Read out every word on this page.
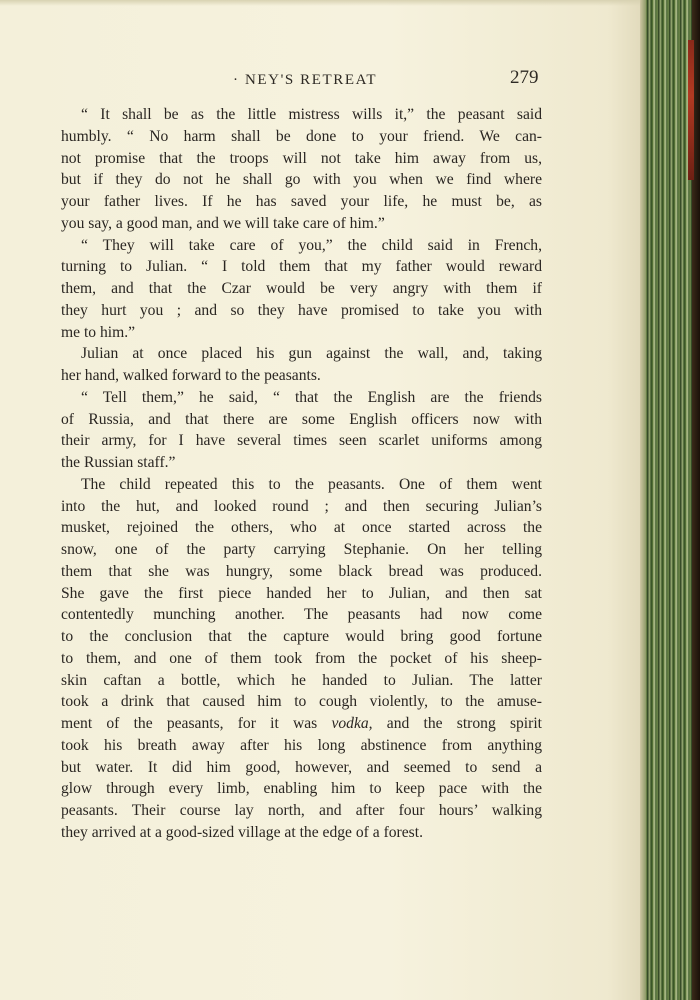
· NEY'S RETREAT	279
“ It shall be as the little mistress wills it,” the peasant said
humbly. “ No harm shall be done to your friend. We can-
not promise that the troops will not take him away from us,
but if they do not he shall go with you when we find where
your father lives. If he has saved your life, he must be, as
you say, a good man, and we will take care of him.”
“ They will take care of you,” the child said in French,
turning to Julian. “ I told them that my father would reward
them, and that the Czar would be very angry with them if
they hurt you ; and so they have promised to take you with
me to him.”
Julian at once placed his gun against the wall, and, taking
her hand, walked forward to the peasants.
“ Tell them,” he said, “ that the English are the friends
of Russia, and that there are some English officers now with
their army, for I have several times seen scarlet uniforms among
the Russian staff.”
The child repeated this to the peasants. One of them went
into the hut, and looked round ; and then securing Julian’s
musket, rejoined the others, who at once started across the
snow, one of the party carrying Stephanie. On her telling
them that she was hungry, some black bread was produced.
She gave the first piece handed her to Julian, and then sat
contentedly munching another. The peasants had now come
to the conclusion that the capture would bring good fortune
to them, and one of them took from the pocket of his sheep-
skin caftan a bottle, which he handed to Julian. The latter
took a drink that caused him to cough violently, to the amuse-
ment of the peasants, for it was vodka, and the strong spirit
took his breath away after his long abstinence from anything
but water. It did him good, however, and seemed to send a
glow through every limb, enabling him to keep pace with the
peasants. Their course lay north, and after four hours’ walking
they arrived at a good-sized village at the edge of a forest.
